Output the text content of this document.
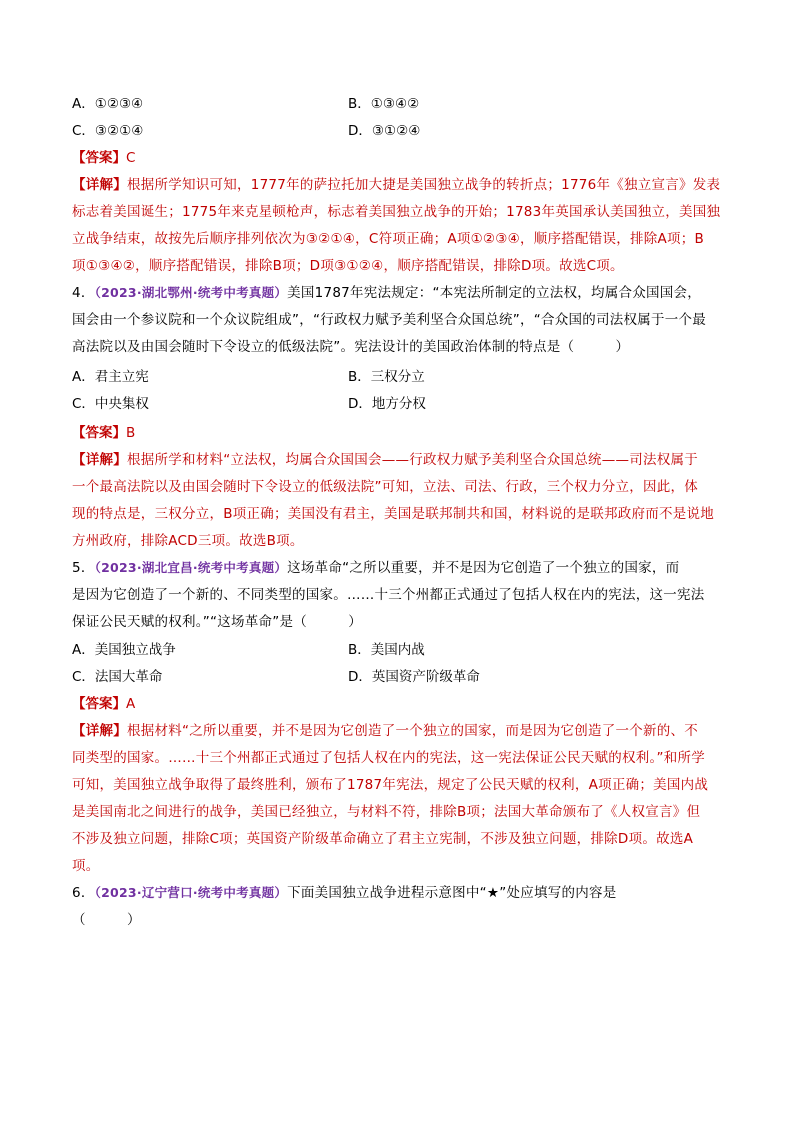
A．①②③④	B．①③④②
C．③②①④	D．③①②④
【答案】C
【详解】根据所学知识可知，1777年的萨拉托加大捷是美国独立战争的转折点；1776年《独立宣言》发表
标志着美国诞生；1775年来克星顿枪声，标志着美国独立战争的开始；1783年英国承认美国独立，美国独
立战争结束，故按先后顺序排列依次为③②①④，C符项正确；A项①②③④，顺序搭配错误，排除A项；B
项①③④②，顺序搭配错误，排除B项；D项③①②④，顺序搭配错误，排除D项。故选C项。
4．（2023·湖北鄂州·统考中考真题）美国1787年宪法规定：“本宪法所制定的立法权，均属合众国国会，
国会由一个参议院和一个众议院组成”，“行政权力赋予美利坚合众国总统”，“合众国的司法权属于一个最
高法院以及由国会随时下令设立的低级法院”。宪法设计的美国政治体制的特点是（　　　）
A．君主立宪	B．三权分立
C．中央集权	D．地方分权
【答案】B
【详解】根据所学和材料“立法权，均属合众国国会——行政权力赋予美利坚合众国总统——司法权属于
一个最高法院以及由国会随时下令设立的低级法院”可知，立法、司法、行政，三个权力分立，因此，体
现的特点是，三权分立，B项正确；美国没有君主，美国是联邦制共和国，材料说的是联邦政府而不是说地
方州政府，排除ACD三项。故选B项。
5．（2023·湖北宜昌·统考中考真题）这场革命“之所以重要，并不是因为它创造了一个独立的国家，而
是因为它创造了一个新的、不同类型的国家。……十三个州都正式通过了包括人权在内的宪法，这一宪法
保证公民天赋的权利。”“这场革命”是（　　　）
A．美国独立战争	B．美国内战
C．法国大革命	D．英国资产阶级革命
【答案】A
【详解】根据材料“之所以重要，并不是因为它创造了一个独立的国家，而是因为它创造了一个新的、不
同类型的国家。……十三个州都正式通过了包括人权在内的宪法，这一宪法保证公民天赋的权利。”和所学
可知，美国独立战争取得了最终胜利，颁布了1787年宪法，规定了公民天赋的权利，A项正确；美国内战
是美国南北之间进行的战争，美国已经独立，与材料不符，排除B项；法国大革命颁布了《人权宣言》但
不涉及独立问题，排除C项；英国资产阶级革命确立了君主立宪制，不涉及独立问题，排除D项。故选A
项。
6．（2023·辽宁营口·统考中考真题）下面美国独立战争进程示意图中“★”处应填写的内容是
（　　　）
